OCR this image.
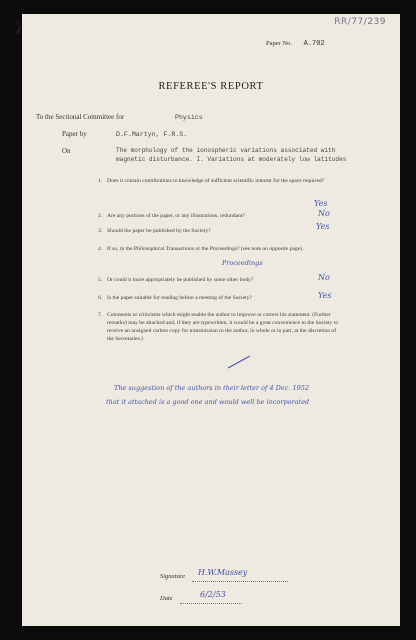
RR/77/239
Paper No. A.702
REFEREE'S REPORT
To the Sectional Committee for	Physics
Paper by	D.F.Martyn, F.R.S.
On	The morphology of the ionospheric variations associated with
magnetic disturbance. I. Variations at moderately low latitudes
1. Does it contain contributions to knowledge of sufficient scientific interest for the space required?
Yes
2. Are any portions of the paper, or any illustrations, redundant?	No
3. Should the paper be published by the Society?	Yes
4. If so, in the Philosophical Transactions or the Proceedings? (see note on opposite page).
Proceedings
5. Or could it more appropriately be published by some other body?	No
6. Is the paper suitable for reading before a meeting of the Society?	Yes
7. Comments or criticisms which might enable the author to improve or correct his statement. (Further remarks) may be attached and, if they are typewritten, it would be a great convenience to the Society to receive an unsigned carbon copy for transmission to the author, in whole or in part, at the discretion of the Secretaries.)
The suggestion of the authors in their letter of 4 Dec. 1952
that it attached is a good one and would well be incorporated
Signature H.W.Massey
Date	6/2/53
